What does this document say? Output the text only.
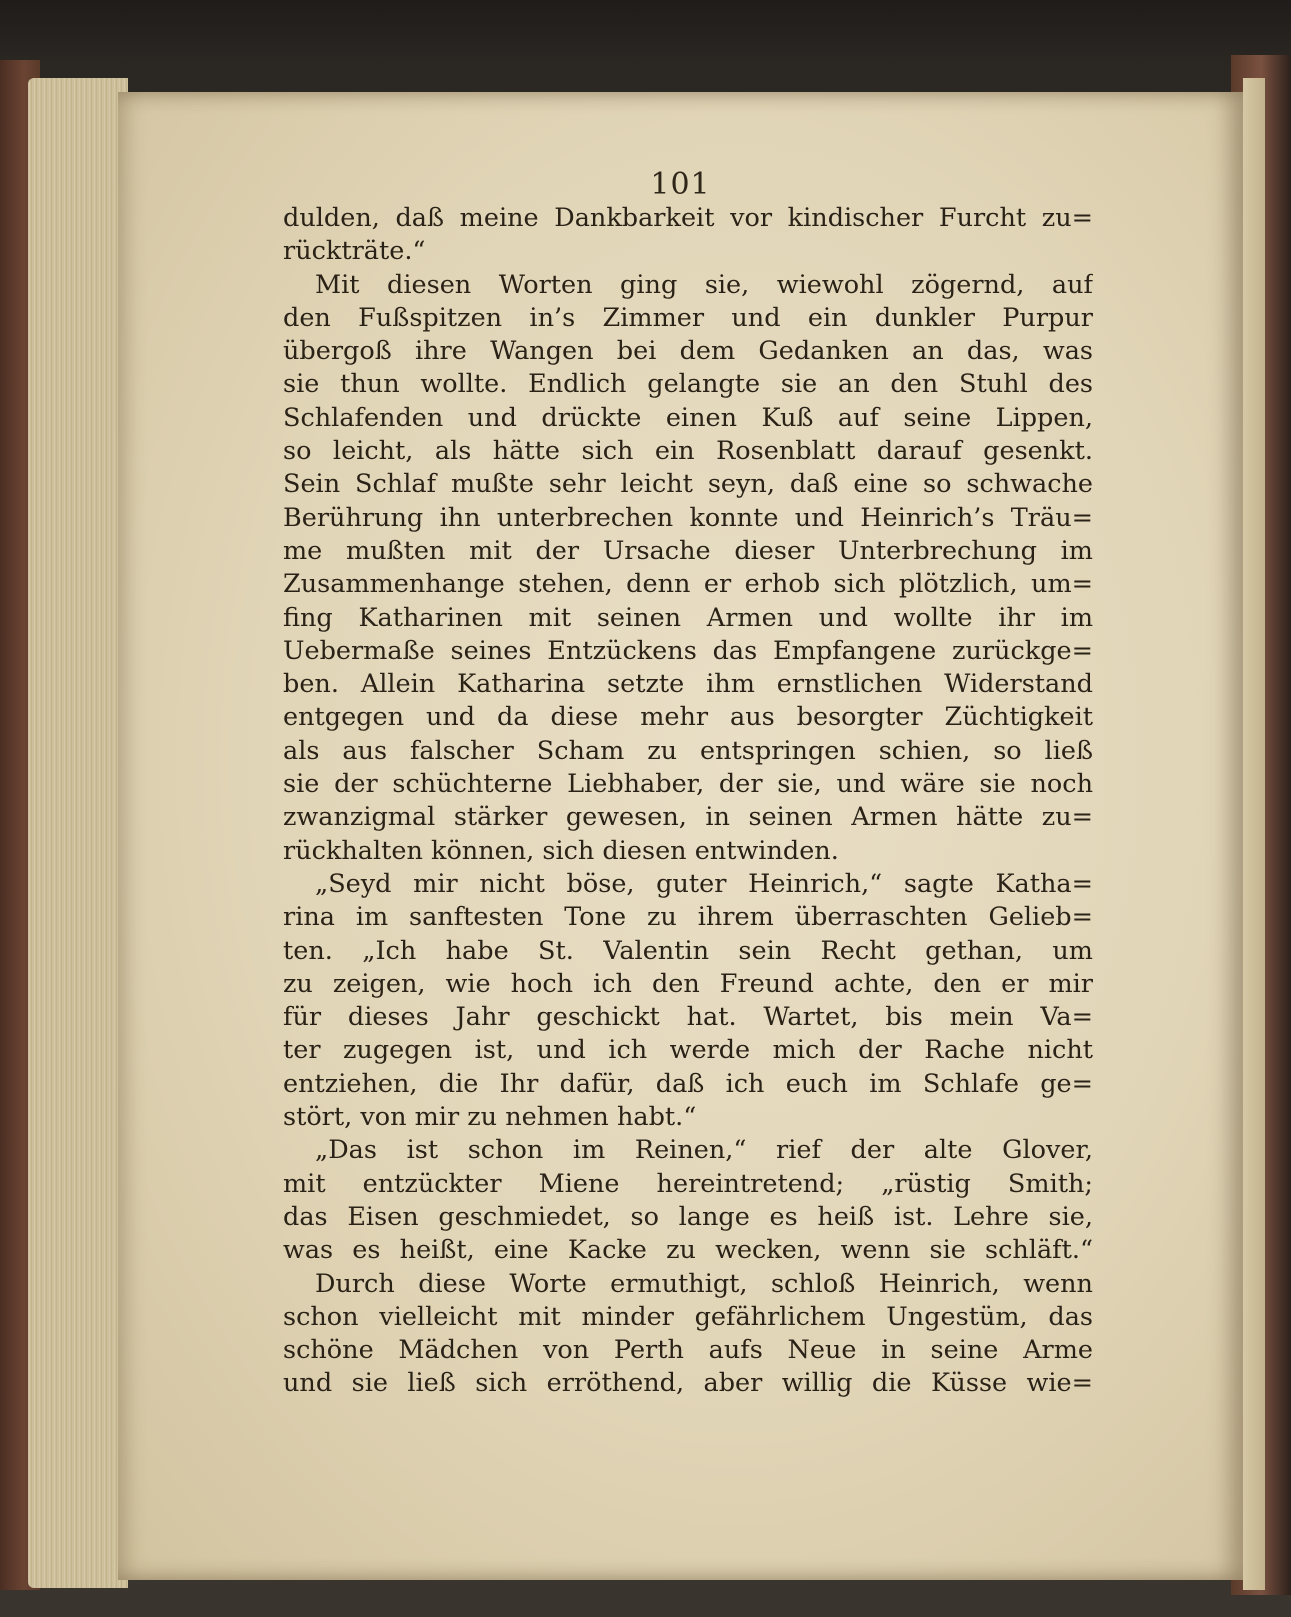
101
dulden, daß meine Dankbarkeit vor kindischer Furcht zu=
rückträte.“
Mit diesen Worten ging sie, wiewohl zögernd, auf
den Fußspitzen in’s Zimmer und ein dunkler Purpur
übergoß ihre Wangen bei dem Gedanken an das, was
sie thun wollte. Endlich gelangte sie an den Stuhl des
Schlafenden und drückte einen Kuß auf seine Lippen,
so leicht, als hätte sich ein Rosenblatt darauf gesenkt.
Sein Schlaf mußte sehr leicht seyn, daß eine so schwache
Berührung ihn unterbrechen konnte und Heinrich’s Träu=
me mußten mit der Ursache dieser Unterbrechung im
Zusammenhange stehen, denn er erhob sich plötzlich, um=
fing Katharinen mit seinen Armen und wollte ihr im
Uebermaße seines Entzückens das Empfangene zurückge=
ben. Allein Katharina setzte ihm ernstlichen Widerstand
entgegen und da diese mehr aus besorgter Züchtigkeit
als aus falscher Scham zu entspringen schien, so ließ
sie der schüchterne Liebhaber, der sie, und wäre sie noch
zwanzigmal stärker gewesen, in seinen Armen hätte zu=
rückhalten können, sich diesen entwinden.
„Seyd mir nicht böse, guter Heinrich,“ sagte Katha=
rina im sanftesten Tone zu ihrem überraschten Gelieb=
ten. „Ich habe St. Valentin sein Recht gethan, um
zu zeigen, wie hoch ich den Freund achte, den er mir
für dieses Jahr geschickt hat. Wartet, bis mein Va=
ter zugegen ist, und ich werde mich der Rache nicht
entziehen, die Ihr dafür, daß ich euch im Schlafe ge=
stört, von mir zu nehmen habt.“
„Das ist schon im Reinen,“ rief der alte Glover,
mit entzückter Miene hereintretend; „rüstig Smith;
das Eisen geschmiedet, so lange es heiß ist. Lehre sie,
was es heißt, eine Kacke zu wecken, wenn sie schläft.“
Durch diese Worte ermuthigt, schloß Heinrich, wenn
schon vielleicht mit minder gefährlichem Ungestüm, das
schöne Mädchen von Perth aufs Neue in seine Arme
und sie ließ sich erröthend, aber willig die Küsse wie=
